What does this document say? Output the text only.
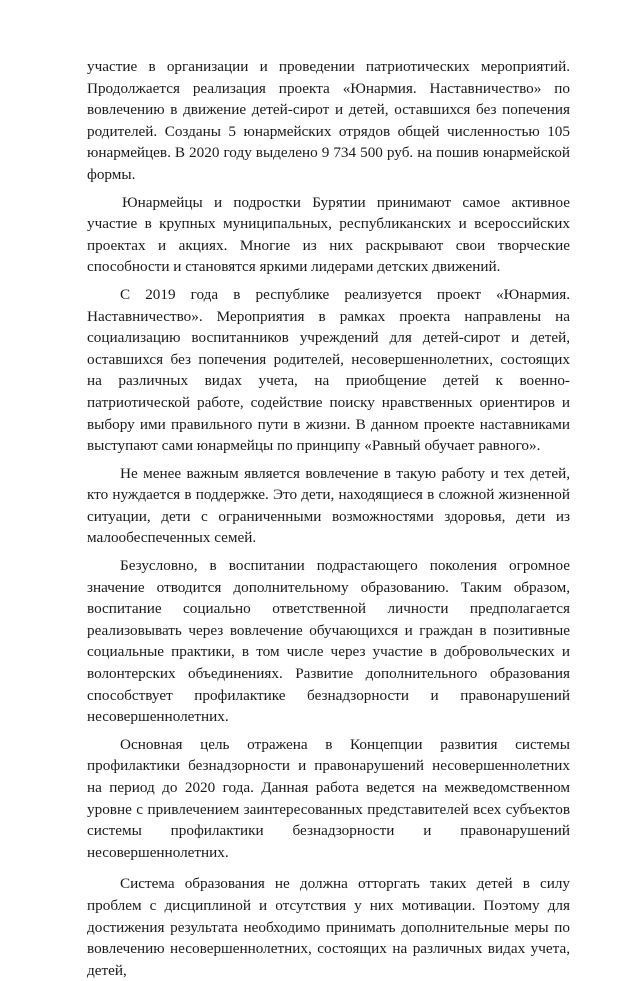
участие в организации и проведении патриотических мероприятий. Продолжается реализация проекта «Юнармия. Наставничество» по вовлечению в движение детей-сирот и детей, оставшихся без попечения родителей. Созданы 5 юнармейских отрядов общей численностью 105 юнармейцев. В 2020 году выделено 9 734 500 руб. на пошив юнармейской формы.

Юнармейцы и подростки Бурятии принимают самое активное участие в крупных муниципальных, республиканских и всероссийских проектах и акциях. Многие из них раскрывают свои творческие способности и становятся яркими лидерами детских движений.

С 2019 года в республике реализуется проект «Юнармия. Наставничество». Мероприятия в рамках проекта направлены на социализацию воспитанников учреждений для детей-сирот и детей, оставшихся без попечения родителей, несовершеннолетних, состоящих на различных видах учета, на приобщение детей к военно-патриотической работе, содействие поиску нравственных ориентиров и выбору ими правильного пути в жизни. В данном проекте наставниками выступают сами юнармейцы по принципу «Равный обучает равного».

Не менее важным является вовлечение в такую работу и тех детей, кто нуждается в поддержке. Это дети, находящиеся в сложной жизненной ситуации, дети с ограниченными возможностями здоровья, дети из малообеспеченных семей.

Безусловно, в воспитании подрастающего поколения огромное значение отводится дополнительному образованию. Таким образом, воспитание социально ответственной личности предполагается реализовывать через вовлечение обучающихся и граждан в позитивные социальные практики, в том числе через участие в добровольческих и волонтерских объединениях. Развитие дополнительного образования способствует профилактике безнадзорности и правонарушений несовершеннолетних.

Основная цель отражена в Концепции развития системы профилактики безнадзорности и правонарушений несовершеннолетних на период до 2020 года. Данная работа ведется на межведомственном уровне с привлечением заинтересованных представителей всех субъектов системы профилактики безнадзорности и правонарушений несовершеннолетних.

Система образования не должна отторгать таких детей в силу проблем с дисциплиной и отсутствия у них мотивации. Поэтому для достижения результата необходимо принимать дополнительные меры по вовлечению несовершеннолетних, состоящих на различных видах учета, детей,
